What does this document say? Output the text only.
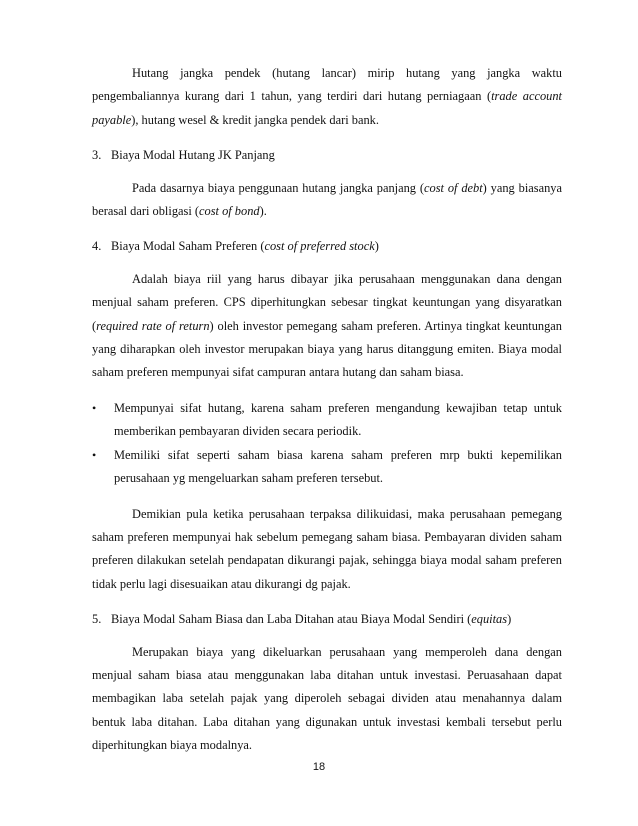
Hutang jangka pendek (hutang lancar) mirip hutang yang jangka waktu pengembaliannya kurang dari 1 tahun, yang terdiri dari hutang perniagaan (trade account payable), hutang wesel & kredit jangka pendek dari bank.

3. Biaya Modal Hutang JK Panjang

Pada dasarnya biaya penggunaan hutang jangka panjang (cost of debt) yang biasanya berasal dari obligasi (cost of bond).

4. Biaya Modal Saham Preferen (cost of preferred stock)

Adalah biaya riil yang harus dibayar jika perusahaan menggunakan dana dengan menjual saham preferen. CPS diperhitungkan sebesar tingkat keuntungan yang disyaratkan (required rate of return) oleh investor pemegang saham preferen. Artinya tingkat keuntungan yang diharapkan oleh investor merupakan biaya yang harus ditanggung emiten. Biaya modal saham preferen mempunyai sifat campuran antara hutang dan saham biasa.

• Mempunyai sifat hutang, karena saham preferen mengandung kewajiban tetap untuk memberikan pembayaran dividen secara periodik.
• Memiliki sifat seperti saham biasa karena saham preferen mrp bukti kepemilikan perusahaan yg mengeluarkan saham preferen tersebut.

Demikian pula ketika perusahaan terpaksa dilikuidasi, maka perusahaan pemegang saham preferen mempunyai hak sebelum pemegang saham biasa. Pembayaran dividen saham preferen dilakukan setelah pendapatan dikurangi pajak, sehingga biaya modal saham preferen tidak perlu lagi disesuaikan atau dikurangi dg pajak.

5. Biaya Modal Saham Biasa dan Laba Ditahan atau Biaya Modal Sendiri (equitas)

Merupakan biaya yang dikeluarkan perusahaan yang memperoleh dana dengan menjual saham biasa atau menggunakan laba ditahan untuk investasi. Peruasahaan dapat membagikan laba setelah pajak yang diperoleh sebagai dividen atau menahannya dalam bentuk laba ditahan. Laba ditahan yang digunakan untuk investasi kembali tersebut perlu diperhitungkan biaya modalnya.

18
